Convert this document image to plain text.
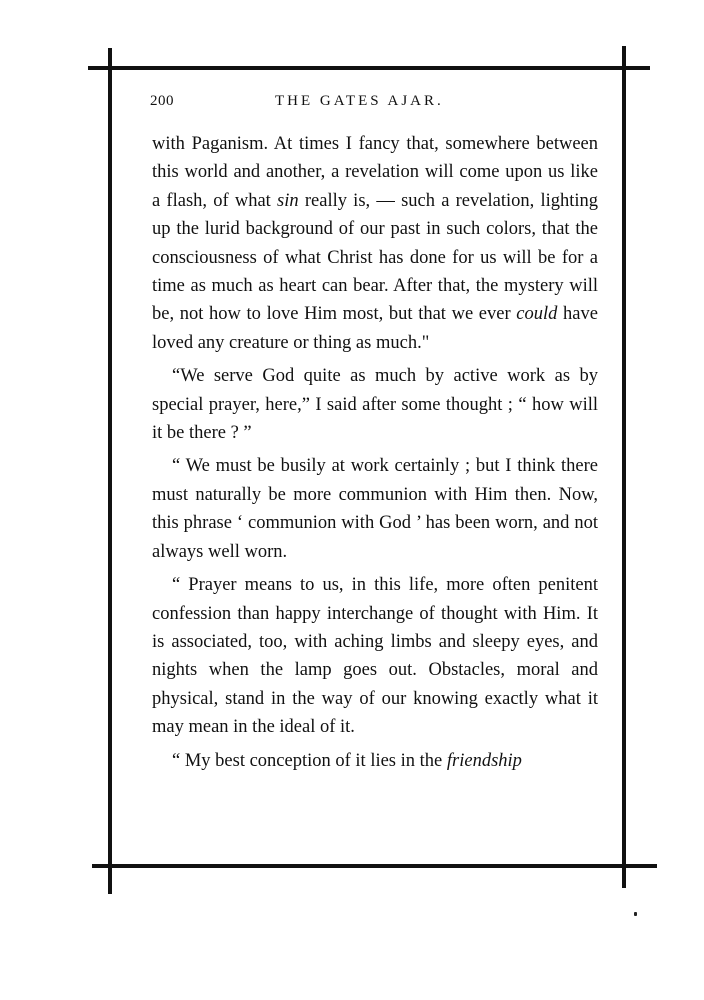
200	THE GATES AJAR.

with Paganism. At times I fancy that, somewhere between this world and another, a revelation will come upon us like a flash, of what sin really is, — such a revelation, lighting up the lurid background of our past in such colors, that the consciousness of what Christ has done for us will be for a time as much as heart can bear. After that, the mystery will be, not how to love Him most, but that we ever could have loved any creature or thing as much."

“We serve God quite as much by active work as by special prayer, here,” I said after some thought ; “ how will it be there ? ”

“ We must be busily at work certainly ; but I think there must naturally be more communion with Him then. Now, this phrase ‘ communion with God ’ has been worn, and not always well worn.

“ Prayer means to us, in this life, more often penitent confession than happy interchange of thought with Him. It is associated, too, with aching limbs and sleepy eyes, and nights when the lamp goes out. Obstacles, moral and physical, stand in the way of our knowing exactly what it may mean in the ideal of it.

“ My best conception of it lies in the friendship
